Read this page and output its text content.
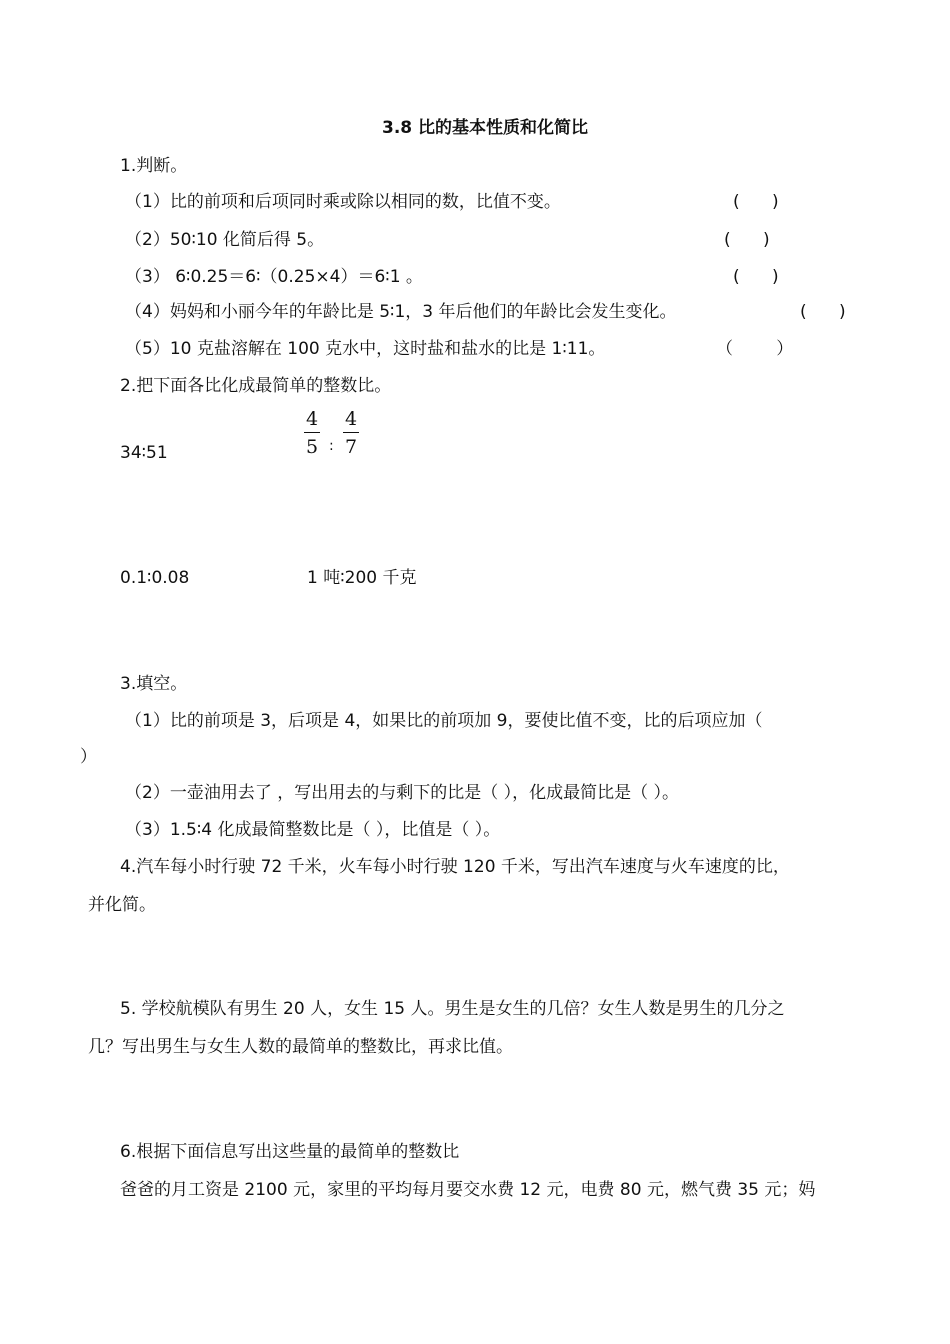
3.8 比的基本性质和化简比
1.判断。
（1）比的前项和后项同时乘或除以相同的数，比值不变。	(      )
（2）50∶10 化简后得 5。	(      )
（3） 6∶0.25＝6∶（0.25×4）＝6∶1 。	(      )
（4）妈妈和小丽今年的年龄比是 5∶1，3 年后他们的年龄比会发生变化。	(      )
（5）10 克盐溶解在 100 克水中，这时盐和盐水的比是 1∶11。	（        ）
2.把下面各比化成最简单的整数比。
34∶51
4
5 :
4
7
0.1∶0.08	1 吨∶200 千克
3.填空。
（1）比的前项是 3，后项是 4，如果比的前项加 9，要使比值不变，比的后项应加（
）
（2）一壶油用去了 ，写出用去的与剩下的比是（ ），化成最简比是（ ）。
（3）1.5∶4 化成最简整数比是（ ），比值是（ ）。
4.汽车每小时行驶 72 千米，火车每小时行驶 120 千米，写出汽车速度与火车速度的比，
并化简。
5. 学校航模队有男生 20 人，女生 15 人。男生是女生的几倍？女生人数是男生的几分之
几？写出男生与女生人数的最简单的整数比，再求比值。
6.根据下面信息写出这些量的最简单的整数比
爸爸的月工资是 2100 元，家里的平均每月要交水费 12 元，电费 80 元，燃气费 35 元；妈
